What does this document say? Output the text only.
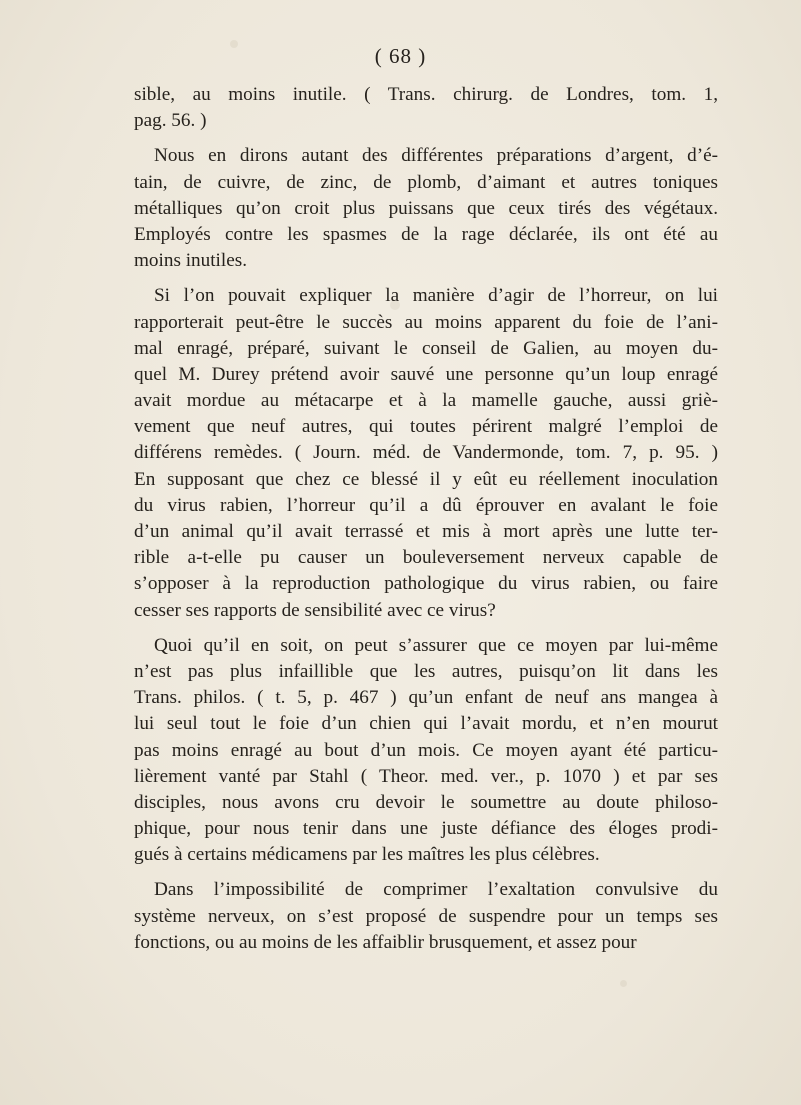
( 68 )
sible, au moins inutile. ( Trans. chirurg. de Londres, tom. 1,
pag. 56. )
Nous en dirons autant des différentes préparations d’argent, d’é-
tain, de cuivre, de zinc, de plomb, d’aimant et autres toniques
métalliques qu’on croit plus puissans que ceux tirés des végétaux.
Employés contre les spasmes de la rage déclarée, ils ont été au
moins inutiles.
Si l’on pouvait expliquer la manière d’agir de l’horreur, on lui
rapporterait peut-être le succès au moins apparent du foie de l’ani-
mal enragé, préparé, suivant le conseil de Galien, au moyen du-
quel M. Durey prétend avoir sauvé une personne qu’un loup enragé
avait mordue au métacarpe et à la mamelle gauche, aussi griè-
vement que neuf autres, qui toutes périrent malgré l’emploi de
différens remèdes. ( Journ. méd. de Vandermonde, tom. 7, p. 95. )
En supposant que chez ce blessé il y eût eu réellement inoculation
du virus rabien, l’horreur qu’il a dû éprouver en avalant le foie
d’un animal qu’il avait terrassé et mis à mort après une lutte ter-
rible a-t-elle pu causer un bouleversement nerveux capable de
s’opposer à la reproduction pathologique du virus rabien, ou faire
cesser ses rapports de sensibilité avec ce virus?
Quoi qu’il en soit, on peut s’assurer que ce moyen par lui-même
n’est pas plus infaillible que les autres, puisqu’on lit dans les
Trans. philos. ( t. 5, p. 467 ) qu’un enfant de neuf ans mangea à
lui seul tout le foie d’un chien qui l’avait mordu, et n’en mourut
pas moins enragé au bout d’un mois. Ce moyen ayant été particu-
lièrement vanté par Stahl ( Theor. med. ver., p. 1070 ) et par ses
disciples, nous avons cru devoir le soumettre au doute philoso-
phique, pour nous tenir dans une juste défiance des éloges prodi-
gués à certains médicamens par les maîtres les plus célèbres.
Dans l’impossibilité de comprimer l’exaltation convulsive du
système nerveux, on s’est proposé de suspendre pour un temps ses
fonctions, ou au moins de les affaiblir brusquement, et assez pour
